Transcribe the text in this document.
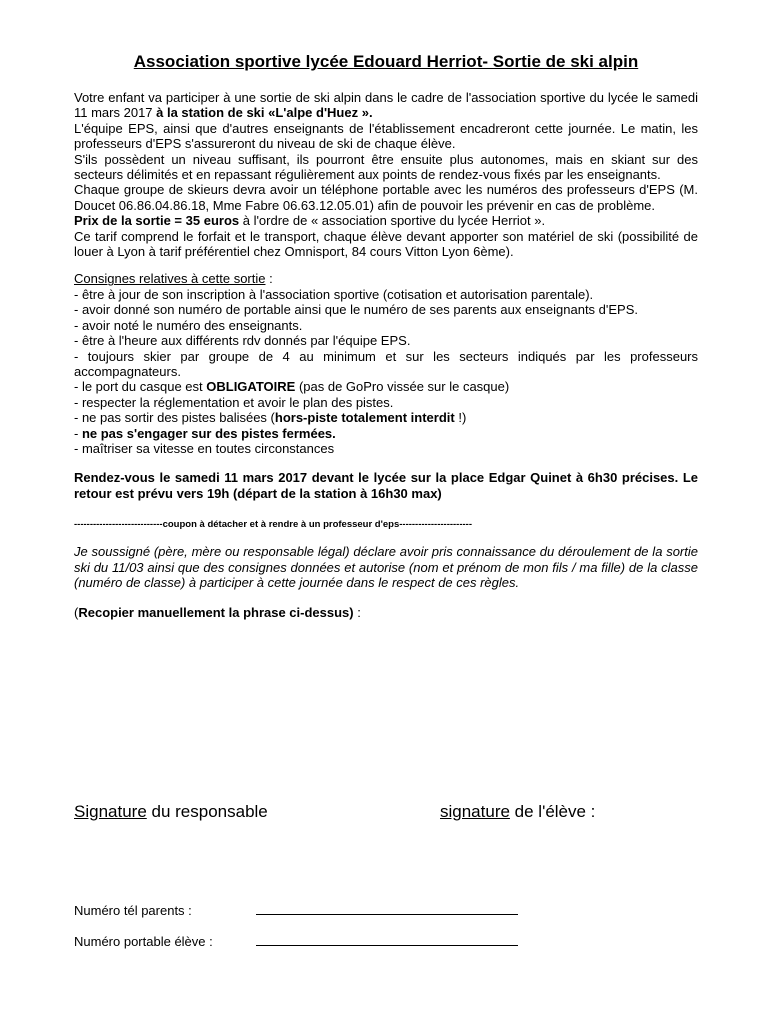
Association sportive lycée Edouard Herriot- Sortie de ski alpin

Votre enfant va participer à une sortie de ski alpin dans le cadre de l'association sportive du lycée le samedi 11 mars 2017 à la station de ski «L'alpe d'Huez ».

L'équipe EPS, ainsi que d'autres enseignants de l'établissement encadreront cette journée. Le matin, les professeurs d'EPS s'assureront du niveau de ski de chaque élève.

S'ils possèdent un niveau suffisant, ils pourront être ensuite plus autonomes, mais en skiant sur des secteurs délimités et en repassant régulièrement aux points de rendez-vous fixés par les enseignants.

Chaque groupe de skieurs devra avoir un téléphone portable avec les numéros des professeurs d'EPS (M. Doucet 06.86.04.86.18, Mme Fabre 06.63.12.05.01) afin de pouvoir les prévenir en cas de problème.

Prix de la sortie = 35 euros à l'ordre de « association sportive du lycée Herriot ».

Ce tarif comprend le forfait et le transport, chaque élève devant apporter son matériel de ski (possibilité de louer à Lyon à tarif préférentiel chez Omnisport, 84 cours Vitton Lyon 6ème).

Consignes relatives à cette sortie :

- être à jour de son inscription à l'association sportive (cotisation et autorisation parentale).

- avoir donné son numéro de portable ainsi que le numéro de ses parents aux enseignants d'EPS.

- avoir noté le numéro des enseignants.

- être à l'heure aux différents rdv donnés par l'équipe EPS.

- toujours skier par groupe de 4 au minimum et sur les secteurs indiqués par les professeurs accompagnateurs.

- le port du casque est OBLIGATOIRE (pas de GoPro vissée sur le casque)

- respecter la réglementation et avoir le plan des pistes.

- ne pas sortir des pistes balisées (hors-piste totalement interdit !)

- ne pas s'engager sur des pistes fermées.

- maîtriser sa vitesse en toutes circonstances

Rendez-vous le samedi 11 mars 2017 devant le lycée sur la place Edgar Quinet à 6h30 précises. Le retour est prévu vers 19h (départ de la station à 16h30 max)

----------------------------coupon à détacher et à rendre à un professeur d'eps-----------------------

Je soussigné (père, mère ou responsable légal) déclare avoir pris connaissance du déroulement de la sortie ski du 11/03 ainsi que des consignes données et autorise (nom et prénom de mon fils / ma fille) de la classe (numéro de classe) à participer à cette journée dans le respect de ces règles.

(Recopier manuellement la phrase ci-dessus) :

Signature du responsable	signature de l'élève :
Numéro tél parents :
Numéro portable élève :
